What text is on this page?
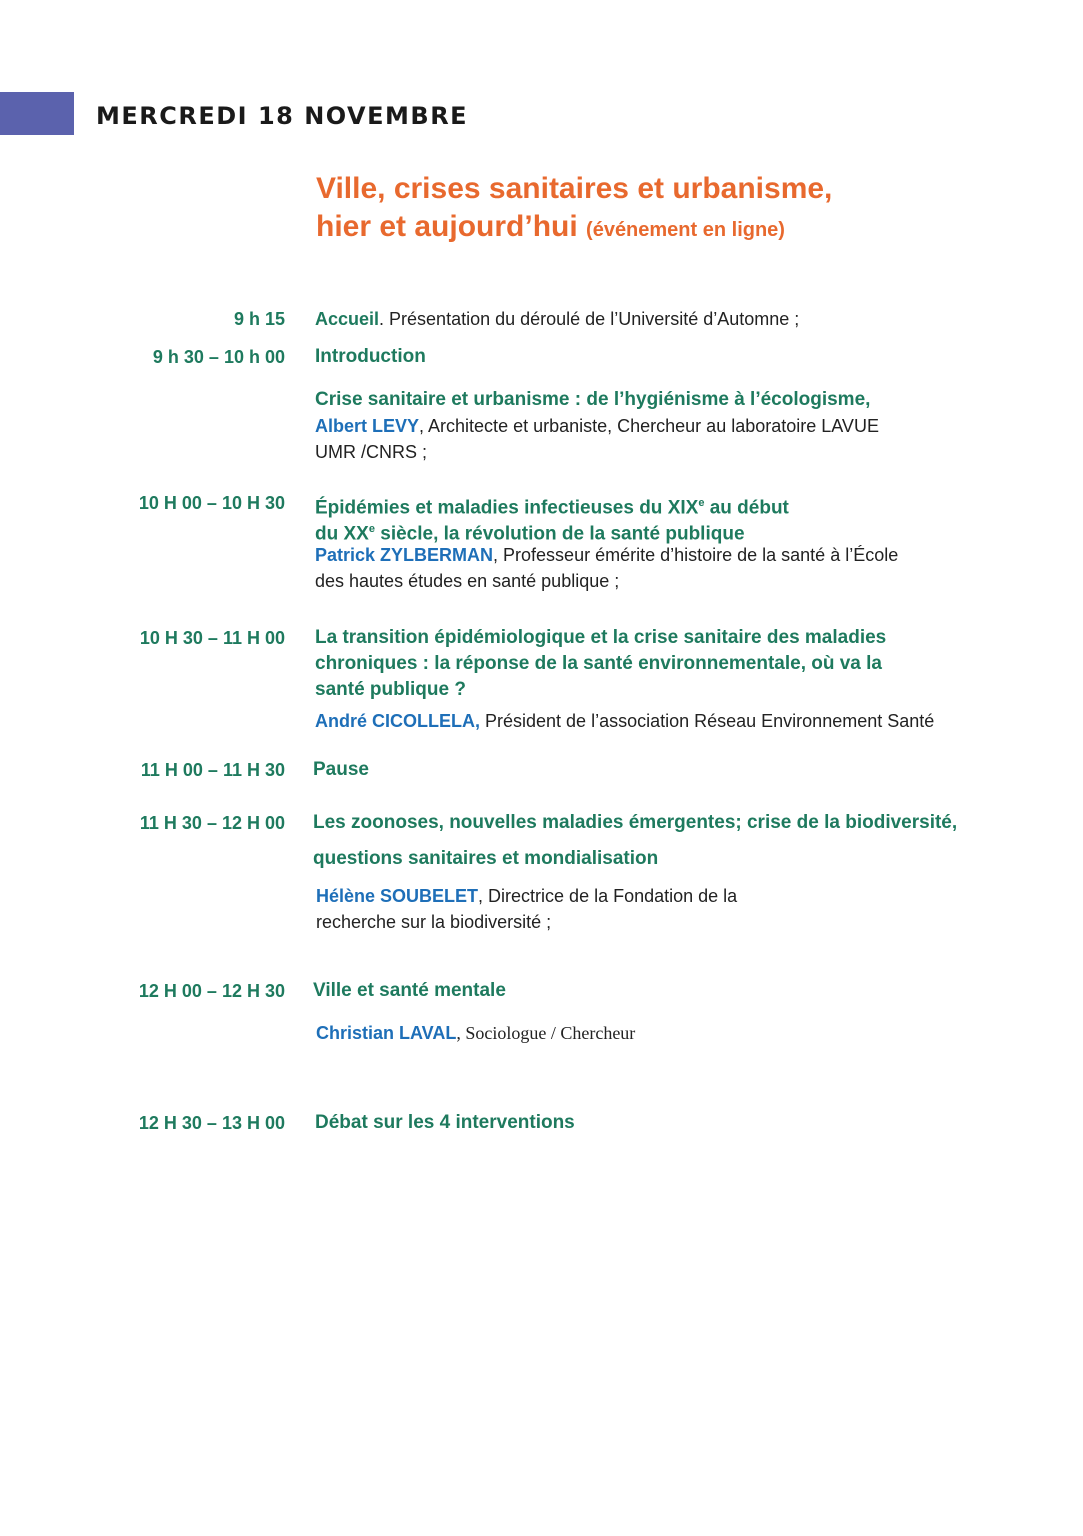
MERCREDI 18 NOVEMBRE
Ville, crises sanitaires et urbanisme,
hier et aujourd’hui (événement en ligne)
9 h 15 Accueil. Présentation du déroulé de l’Université d’Automne ;
9 h 30 – 10 h 00 Introduction
Crise sanitaire et urbanisme : de l’hygiénisme à l’écologisme,
Albert LEVY, Architecte et urbaniste, Chercheur au laboratoire LAVUE
UMR /CNRS ;
10 H 00 – 10 H 30 Épidémies et maladies infectieuses du XIXe au début
du XXe siècle, la révolution de la santé publique
Patrick ZYLBERMAN, Professeur émérite d’histoire de la santé à l’École
des hautes études en santé publique ;
10 H 30 – 11 H 00 La transition épidémiologique et la crise sanitaire des maladies
chroniques : la réponse de la santé environnementale, où va la
santé publique ?
André CICOLLELA, Président de l’association Réseau Environnement Santé
11 H 00 – 11 H 30 Pause
11 H 30 – 12 H 00 Les zoonoses, nouvelles maladies émergentes; crise de la biodiversité,
questions sanitaires et mondialisation
Hélène SOUBELET, Directrice de la Fondation de la
recherche sur la biodiversité ;
12 H 00 – 12 H 30 Ville et santé mentale
Christian LAVAL, Sociologue / Chercheur
12 H 30 – 13 H 00 Débat sur les 4 interventions
